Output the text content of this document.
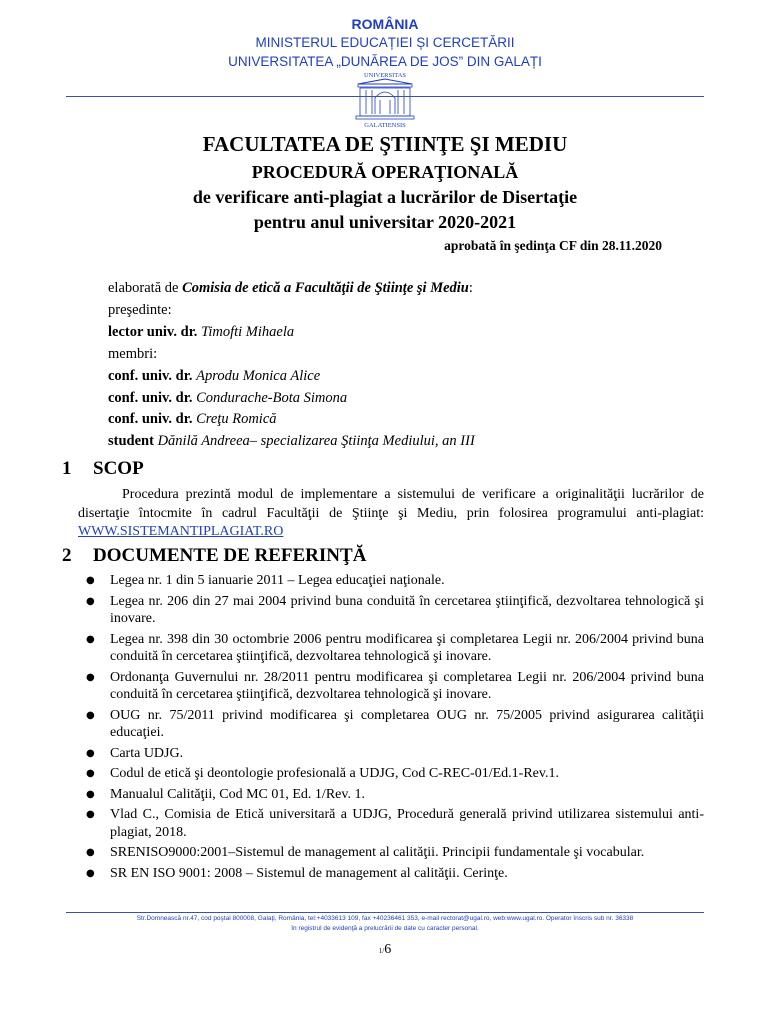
ROMÂNIA
MINISTERUL EDUCAȚIEI ȘI CERCETĂRII
UNIVERSITATEA „DUNĂREA DE JOS” DIN GALAȚI
UNIVERSITAS
GALATIENSIS
FACULTATEA DE ŞTIINŢE ŞI MEDIU
PROCEDURĂ OPERAŢIONALĂ
de verificare anti-plagiat a lucrărilor de Disertaţie
pentru anul universitar 2020-2021
aprobată în şedinţa CF din 28.11.2020
elaborată de Comisia de etică a Facultăţii de Ştiinţe şi Mediu:
preşedinte:
lector univ. dr. Timofti Mihaela
membri:
conf. univ. dr. Aprodu Monica Alice
conf. univ. dr. Condurache-Bota Simona
conf. univ. dr. Creţu Romică
student Dănilă Andreea– specializarea Ştiinţa Mediului, an III
1 SCOP
Procedura prezintă modul de implementare a sistemului de verificare a originalităţii lucrărilor de disertaţie întocmite în cadrul Facultăţii de Ştiinţe şi Mediu, prin folosirea programului anti-plagiat: WWW.SISTEMANTIPLAGIAT.RO
2 DOCUMENTE DE REFERINŢĂ
● Legea nr. 1 din 5 ianuarie 2011 – Legea educaţiei naţionale.
● Legea nr. 206 din 27 mai 2004 privind buna conduită în cercetarea ştiinţifică, dezvoltarea tehnologică şi inovare.
● Legea nr. 398 din 30 octombrie 2006 pentru modificarea şi completarea Legii nr. 206/2004 privind buna conduită în cercetarea ştiinţifică, dezvoltarea tehnologică şi inovare.
● Ordonanţa Guvernului nr. 28/2011 pentru modificarea şi completarea Legii nr. 206/2004 privind buna conduită în cercetarea ştiinţifică, dezvoltarea tehnologică şi inovare.
● OUG nr. 75/2011 privind modificarea şi completarea OUG nr. 75/2005 privind asigurarea calităţii educaţiei.
● Carta UDJG.
● Codul de etică şi deontologie profesională a UDJG, Cod C-REC-01/Ed.1-Rev.1.
● Manualul Calităţii, Cod MC 01, Ed. 1/Rev. 1.
● Vlad C., Comisia de Etică universitară a UDJG, Procedură generală privind utilizarea sistemului anti-plagiat, 2018.
● SRENISO9000:2001–Sistemul de management al calităţii. Principii fundamentale şi vocabular.
● SR EN ISO 9001: 2008 – Sistemul de management al calităţii. Cerinţe.
Str.Domnească nr.47, cod poştal 800008, Galaţi, România, tel:+4033613 109, fax +40236461 353, e-mail rectorat@ugal.ro, web:www.ugal.ro. Operator înscris sub nr. 36338
în registrul de evidenţă a prelucrării de date cu caracter personal.
1/6
